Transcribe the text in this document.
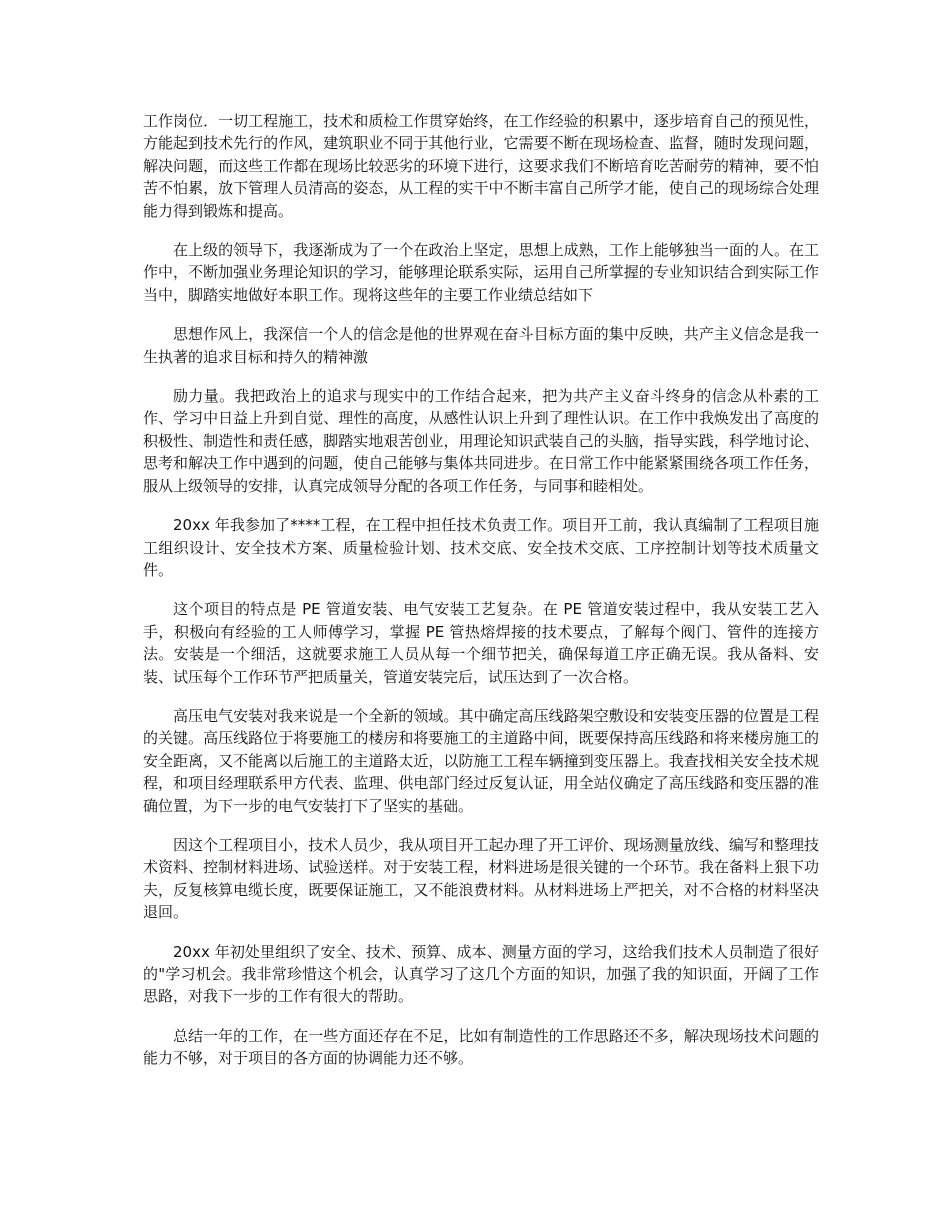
工作岗位．一切工程施工，技术和质检工作贯穿始终，在工作经验的积累中，逐步培育自己的预见性，方能起到技术先行的作风，建筑职业不同于其他行业，它需要不断在现场检查、监督，随时发现问题，解决问题，而这些工作都在现场比较恶劣的环境下进行，这要求我们不断培育吃苦耐劳的精神，要不怕苦不怕累，放下管理人员清高的姿态，从工程的实干中不断丰富自己所学才能，使自己的现场综合处理能力得到锻炼和提高。

在上级的领导下，我逐渐成为了一个在政治上坚定，思想上成熟，工作上能够独当一面的人。在工作中，不断加强业务理论知识的学习，能够理论联系实际，运用自己所掌握的专业知识结合到实际工作当中，脚踏实地做好本职工作。现将这些年的主要工作业绩总结如下

思想作风上，我深信一个人的信念是他的世界观在奋斗目标方面的集中反映，共产主义信念是我一生执著的追求目标和持久的精神激

励力量。我把政治上的追求与现实中的工作结合起来，把为共产主义奋斗终身的信念从朴素的工作、学习中日益上升到自觉、理性的高度，从感性认识上升到了理性认识。在工作中我焕发出了高度的积极性、制造性和责任感，脚踏实地艰苦创业，用理论知识武装自己的头脑，指导实践，科学地讨论、思考和解决工作中遇到的问题，使自己能够与集体共同进步。在日常工作中能紧紧围绕各项工作任务，服从上级领导的安排，认真完成领导分配的各项工作任务，与同事和睦相处。

20xx 年我参加了****工程，在工程中担任技术负责工作。项目开工前，我认真编制了工程项目施工组织设计、安全技术方案、质量检验计划、技术交底、安全技术交底、工序控制计划等技术质量文件。

这个项目的特点是 PE 管道安装、电气安装工艺复杂。在 PE 管道安装过程中，我从安装工艺入手，积极向有经验的工人师傅学习，掌握 PE 管热熔焊接的技术要点，了解每个阀门、管件的连接方法。安装是一个细活，这就要求施工人员从每一个细节把关，确保每道工序正确无误。我从备料、安装、试压每个工作环节严把质量关，管道安装完后，试压达到了一次合格。

高压电气安装对我来说是一个全新的领域。其中确定高压线路架空敷设和安装变压器的位置是工程的关键。高压线路位于将要施工的楼房和将要施工的主道路中间，既要保持高压线路和将来楼房施工的安全距离，又不能离以后施工的主道路太近，以防施工工程车辆撞到变压器上。我查找相关安全技术规程，和项目经理联系甲方代表、监理、供电部门经过反复认证，用全站仪确定了高压线路和变压器的准确位置，为下一步的电气安装打下了坚实的基础。

因这个工程项目小，技术人员少，我从项目开工起办理了开工评价、现场测量放线、编写和整理技术资料、控制材料进场、试验送样。对于安装工程，材料进场是很关键的一个环节。我在备料上狠下功夫，反复核算电缆长度，既要保证施工，又不能浪费材料。从材料进场上严把关，对不合格的材料坚决退回。

20xx 年初处里组织了安全、技术、预算、成本、测量方面的学习，这给我们技术人员制造了很好的"学习机会。我非常珍惜这个机会，认真学习了这几个方面的知识，加强了我的知识面，开阔了工作思路，对我下一步的工作有很大的帮助。

总结一年的工作，在一些方面还存在不足，比如有制造性的工作思路还不多，解决现场技术问题的能力不够，对于项目的各方面的协调能力还不够。
